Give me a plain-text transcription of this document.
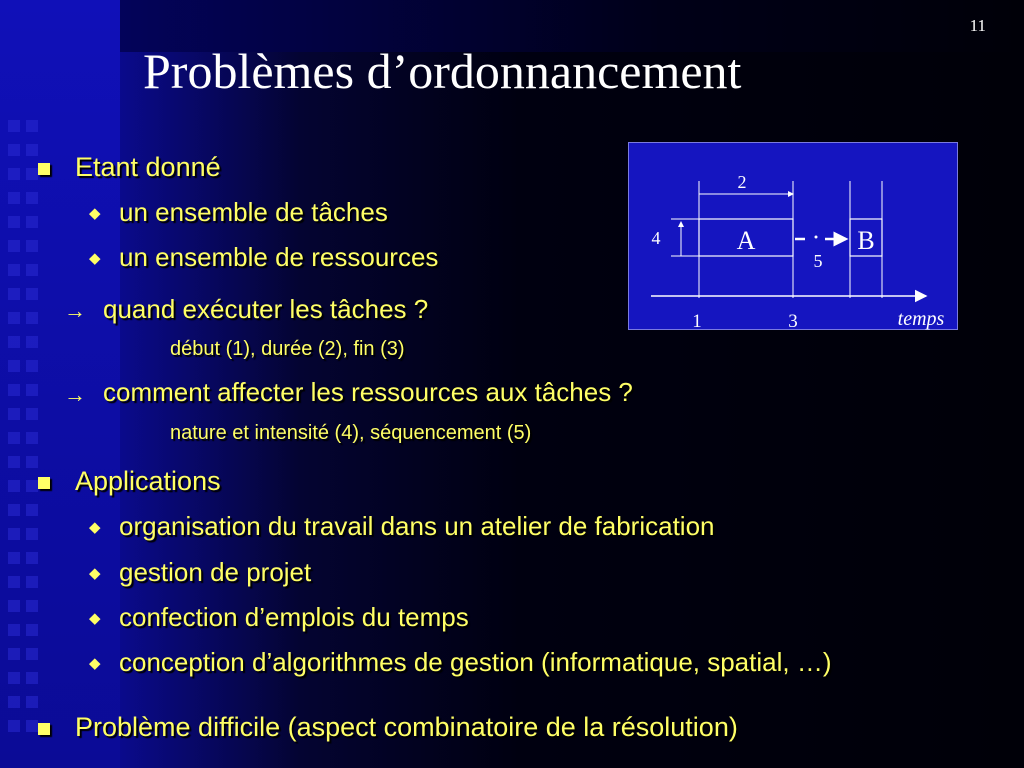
11
Problèmes d’ordonnancement
Etant donné
◆ un ensemble de tâches
◆ un ensemble de ressources
→ quand exécuter les tâches ?
début (1), durée (2), fin (3)
→ comment affecter les ressources aux tâches ?
nature et intensité (4), séquencement (5)
Applications
◆ organisation du travail dans un atelier de fabrication
◆ gestion de projet
◆ confection d’emplois du temps
◆ conception d’algorithmes de gestion (informatique, spatial, …)
Problème difficile (aspect combinatoire de la résolution)
2
4	A	B
5
1	3	temps
